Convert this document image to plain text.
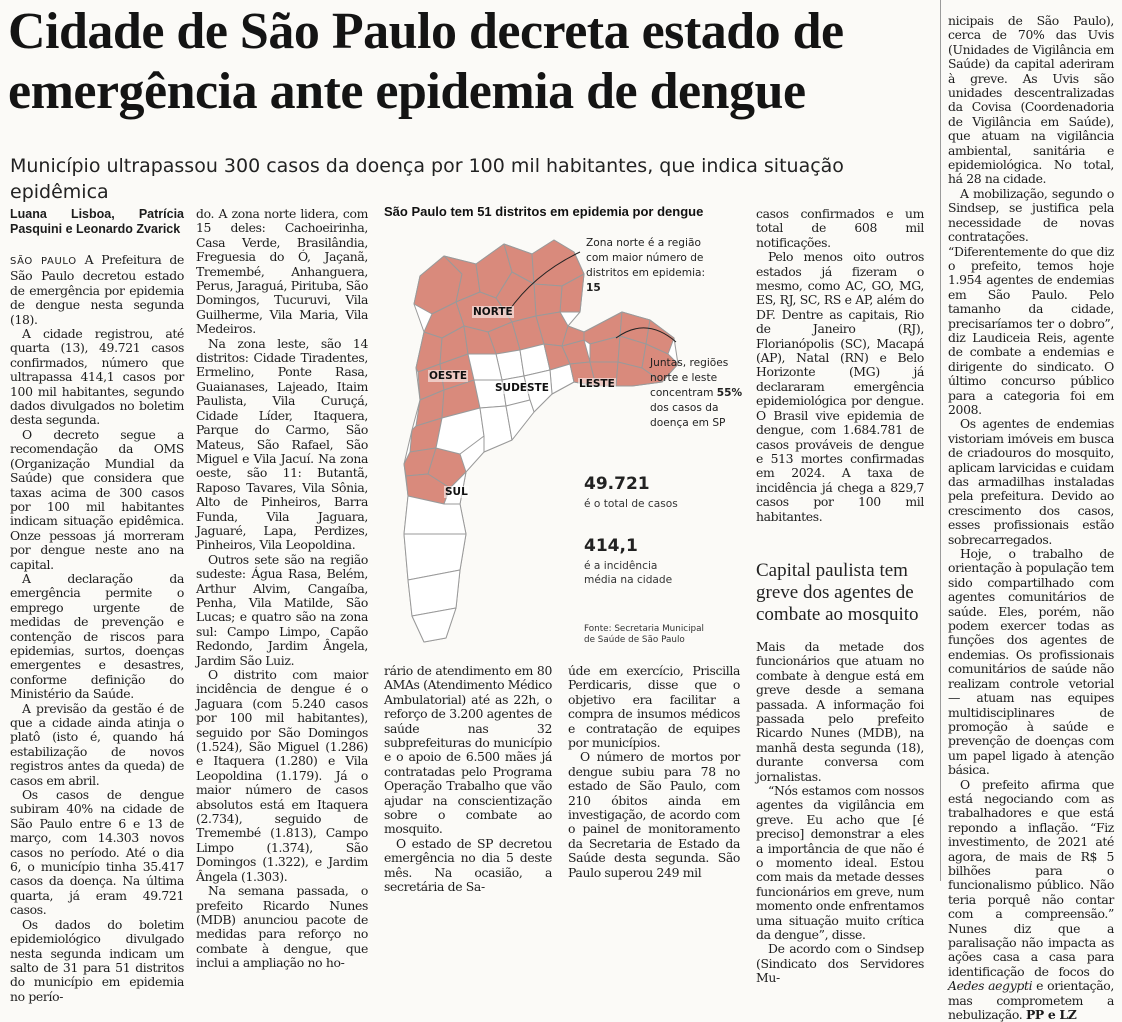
Cidade de São Paulo decreta estado de emergência ante epidemia de dengue
Município ultrapassou 300 casos da doença por 100 mil habitantes, que indica situação epidêmica
Luana Lisboa, Patrícia Pasquini e Leonardo Zvarick

SÃO PAULO A Prefeitura de São Paulo decretou estado de emergência por epidemia de dengue nesta segunda (18).

A cidade registrou, até quarta (13), 49.721 casos confirmados, número que ultrapassa 414,1 casos por 100 mil habitantes, segundo dados divulgados no boletim desta segunda.

O decreto segue a recomendação da OMS (Organização Mundial da Saúde) que considera que taxas acima de 300 casos por 100 mil habitantes indicam situação epidêmica. Onze pessoas já morreram por dengue neste ano na capital.

A declaração da emergência permite o emprego urgente de medidas de prevenção e contenção de riscos para epidemias, surtos, doenças emergentes e desastres, conforme definição do Ministério da Saúde.

A previsão da gestão é de que a cidade ainda atinja o platô (isto é, quando há estabilização de novos registros antes da queda) de casos em abril.

Os casos de dengue subiram 40% na cidade de São Paulo entre 6 e 13 de março, com 14.303 novos casos no período. Até o dia 6, o município tinha 35.417 casos da doença. Na última quarta, já eram 49.721 casos.

Os dados do boletim epidemiológico divulgado nesta segunda indicam um salto de 31 para 51 distritos do município em epidemia no perío-

do. A zona norte lidera, com 15 deles: Cachoeirinha, Casa Verde, Brasilândia, Freguesia do Ó, Jaçanã, Tremembé, Anhanguera, Perus, Jaraguá, Pirituba, São Domingos, Tucuruvi, Vila Guilherme, Vila Maria, Vila Medeiros.

Na zona leste, são 14 distritos: Cidade Tiradentes, Ermelino, Ponte Rasa, Guaianases, Lajeado, Itaim Paulista, Vila Curuçá, Cidade Líder, Itaquera, Parque do Carmo, São Mateus, São Rafael, São Miguel e Vila Jacuí. Na zona oeste, são 11: Butantã, Raposo Tavares, Vila Sônia, Alto de Pinheiros, Barra Funda, Vila Jaguara, Jaguaré, Lapa, Perdizes, Pinheiros, Vila Leopoldina.

Outros sete são na região sudeste: Água Rasa, Belém, Arthur Alvim, Cangaíba, Penha, Vila Matilde, São Lucas; e quatro são na zona sul: Campo Limpo, Capão Redondo, Jardim Ângela, Jardim São Luiz.

O distrito com maior incidência de dengue é o Jaguara (com 5.240 casos por 100 mil habitantes), seguido por São Domingos (1.524), São Miguel (1.286) e Itaquera (1.280) e Vila Leopoldina (1.179). Já o maior número de casos absolutos está em Itaquera (2.734), seguido de Tremembé (1.813), Campo Limpo (1.374), São Domingos (1.322), e Jardim Ângela (1.303).

Na semana passada, o prefeito Ricardo Nunes (MDB) anunciou pacote de medidas para reforço no combate à dengue, que inclui a ampliação no ho-

São Paulo tem 51 distritos em epidemia por dengue
NORTE
OESTE
SUDESTE	LESTE
SUL
Zona norte é a região com maior número de distritos em epidemia: 15
Juntas, regiões norte e leste concentram 55% dos casos da doença em SP
49.721
é o total de casos
414,1
é a incidência média na cidade
Fonte: Secretaria Municipal de Saúde de São Paulo

rário de atendimento em 80 AMAs (Atendimento Médico Ambulatorial) até as 22h, o reforço de 3.200 agentes de saúde nas 32 subprefeituras do município e o apoio de 6.500 mães já contratadas pelo Programa Operação Trabalho que vão ajudar na conscientização sobre o combate ao mosquito.

O estado de SP decretou emergência no dia 5 deste mês. Na ocasião, a secretária de Sa-

úde em exercício, Priscilla Perdicaris, disse que o objetivo era facilitar a compra de insumos médicos e contratação de equipes por municípios.

O número de mortos por dengue subiu para 78 no estado de São Paulo, com 210 óbitos ainda em investigação, de acordo com o painel de monitoramento da Secretaria de Estado da Saúde desta segunda. São Paulo superou 249 mil

casos confirmados e um total de 608 mil notificações.

Pelo menos oito outros estados já fizeram o mesmo, como AC, GO, MG, ES, RJ, SC, RS e AP, além do DF. Dentre as capitais, Rio de Janeiro (RJ), Florianópolis (SC), Macapá (AP), Natal (RN) e Belo Horizonte (MG) já declararam emergência epidemiológica por dengue. O Brasil vive epidemia de dengue, com 1.684.781 de casos prováveis de dengue e 513 mortes confirmadas em 2024. A taxa de incidência já chega a 829,7 casos por 100 mil habitantes.

Capital paulista tem greve dos agentes de combate ao mosquito

Mais da metade dos funcionários que atuam no combate à dengue está em greve desde a semana passada. A informação foi passada pelo prefeito Ricardo Nunes (MDB), na manhã desta segunda (18), durante conversa com jornalistas.

“Nós estamos com nossos agentes da vigilância em greve. Eu acho que [é preciso] demonstrar a eles a importância de que não é o momento ideal. Estou com mais da metade desses funcionários em greve, num momento onde enfrentamos uma situação muito crítica da dengue”, disse.

De acordo com o Sindsep (Sindicato dos Servidores Mu-

nicipais de São Paulo), cerca de 70% das Uvis (Unidades de Vigilância em Saúde) da capital aderiram à greve. As Uvis são unidades descentralizadas da Covisa (Coordenadoria de Vigilância em Saúde), que atuam na vigilância ambiental, sanitária e epidemiológica. No total, há 28 na cidade.

A mobilização, segundo o Sindsep, se justifica pela necessidade de novas contratações. “Diferentemente do que diz o prefeito, temos hoje 1.954 agentes de endemias em São Paulo. Pelo tamanho da cidade, precisaríamos ter o dobro”, diz Laudiceia Reis, agente de combate a endemias e dirigente do sindicato. O último concurso público para a categoria foi em 2008.

Os agentes de endemias vistoriam imóveis em busca de criadouros do mosquito, aplicam larvicidas e cuidam das armadilhas instaladas pela prefeitura. Devido ao crescimento dos casos, esses profissionais estão sobrecarregados.

Hoje, o trabalho de orientação à população tem sido compartilhado com agentes comunitários de saúde. Eles, porém, não podem exercer todas as funções dos agentes de endemias. Os profissionais comunitários de saúde não realizam controle vetorial — atuam nas equipes multidisciplinares de promoção à saúde e prevenção de doenças com um papel ligado à atenção básica.

O prefeito afirma que está negociando com as trabalhadores e que está repondo a inflação. “Fiz investimento, de 2021 até agora, de mais de R$ 5 bilhões para o funcionalismo público. Não teria porquê não contar com a compreensão.” Nunes diz que a paralisação não impacta as ações casa a casa para identificação de focos do Aedes aegypti e orientação, mas comprometem a nebulização. PP e LZ
